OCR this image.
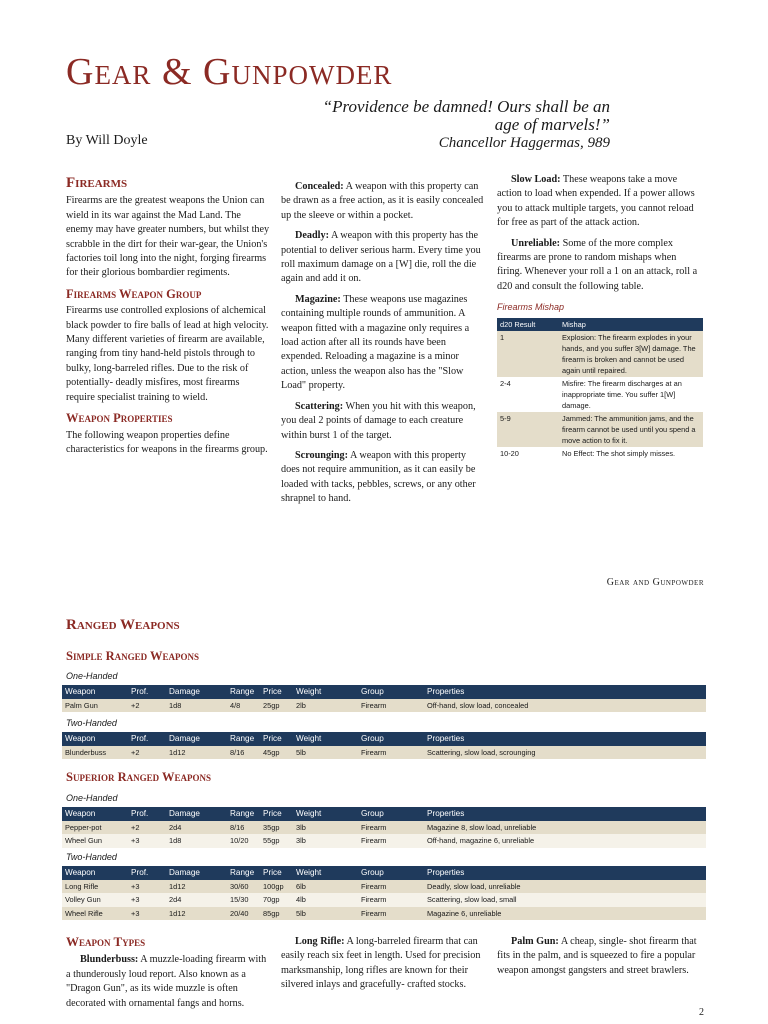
Gear & Gunpowder
“Providence be damned! Ours shall be an age of marvels!”
Chancellor Haggermas, 989
By Will Doyle
Firearms

Firearms are the greatest weapons the Union can wield in its war against the Mad Land. The enemy may have greater numbers, but whilst they scrabble in the dirt for their war-gear, the Union's factories toil long into the night, forging firearms for their glorious bombardier regiments.

Firearms Weapon Group

Firearms use controlled explosions of alchemical black powder to fire balls of lead at high velocity. Many different varieties of firearm are available, ranging from tiny hand-held pistols through to bulky, long-barreled rifles. Due to the risk of potentially- deadly misfires, most firearms require specialist training to wield.

Weapon Properties

The following weapon properties define characteristics for weapons in the firearms group.

Concealed: A weapon with this property can be drawn as a free action, as it is easily concealed up the sleeve or within a pocket.

Deadly: A weapon with this property has the potential to deliver serious harm. Every time you roll maximum damage on a [W] die, roll the die again and add it on.

Magazine: These weapons use magazines containing multiple rounds of ammunition. A weapon fitted with a magazine only requires a load action after all its rounds have been expended. Reloading a magazine is a minor action, unless the weapon also has the "Slow Load" property.

Scattering: When you hit with this weapon, you deal 2 points of damage to each creature within burst 1 of the target.

Scrounging: A weapon with this property does not require ammunition, as it can easily be loaded with tacks, pebbles, screws, or any other shrapnel to hand.

Slow Load: These weapons take a move action to load when expended. If a power allows you to attack multiple targets, you cannot reload for free as part of the attack action.

Unreliable: Some of the more complex firearms are prone to random mishaps when firing. Whenever your roll a 1 on an attack, roll a d20 and consult the following table.

Firearms Mishap
d20 Result	Mishap
1	Explosion: The firearm explodes in your hands, and you suffer 3[W] damage. The firearm is broken and cannot be used again until repaired.
2-4	Misfire: The firearm discharges at an inappropriate time. You suffer 1[W] damage.
5-9	Jammed: The ammunition jams, and the firearm cannot be used until you spend a move action to fix it.
10-20	No Effect: The shot simply misses.
Gear and Gunpowder
Ranged Weapons
Simple Ranged Weapons
One-Handed
Weapon	Prof.	Damage	Range	Price	Weight	Group	Properties
Palm Gun	+2	1d8	4/8	25gp	2lb	Firearm	Off-hand, slow load, concealed
Two-Handed
Weapon	Prof.	Damage	Range	Price	Weight	Group	Properties
Blunderbuss	+2	1d12	8/16	45gp	5lb	Firearm	Scattering, slow load, scrounging
Superior Ranged Weapons
One-Handed
Weapon	Prof.	Damage	Range	Price	Weight	Group	Properties
Pepper-pot	+2	2d4	8/16	35gp	3lb	Firearm	Magazine 8, slow load, unreliable
Wheel Gun	+3	1d8	10/20	55gp	3lb	Firearm	Off-hand, magazine 6, unreliable
Two-Handed
Weapon	Prof.	Damage	Range	Price	Weight	Group	Properties
Long Rifle	+3	1d12	30/60	100gp	6lb	Firearm	Deadly, slow load, unreliable
Volley Gun	+3	2d4	15/30	70gp	4lb	Firearm	Scattering, slow load, small
Wheel Rifle	+3	1d12	20/40	85gp	5lb	Firearm	Magazine 6, unreliable
Weapon Types

Blunderbuss: A muzzle-loading firearm with a thunderously loud report. Also known as a "Dragon Gun", as its wide muzzle is often decorated with ornamental fangs and horns.

Long Rifle: A long-barreled firearm that can easily reach six feet in length. Used for precision marksmanship, long rifles are known for their silvered inlays and gracefully- crafted stocks.

Palm Gun: A cheap, single- shot firearm that fits in the palm, and is squeezed to fire a popular weapon amongst gangsters and street brawlers.

2
